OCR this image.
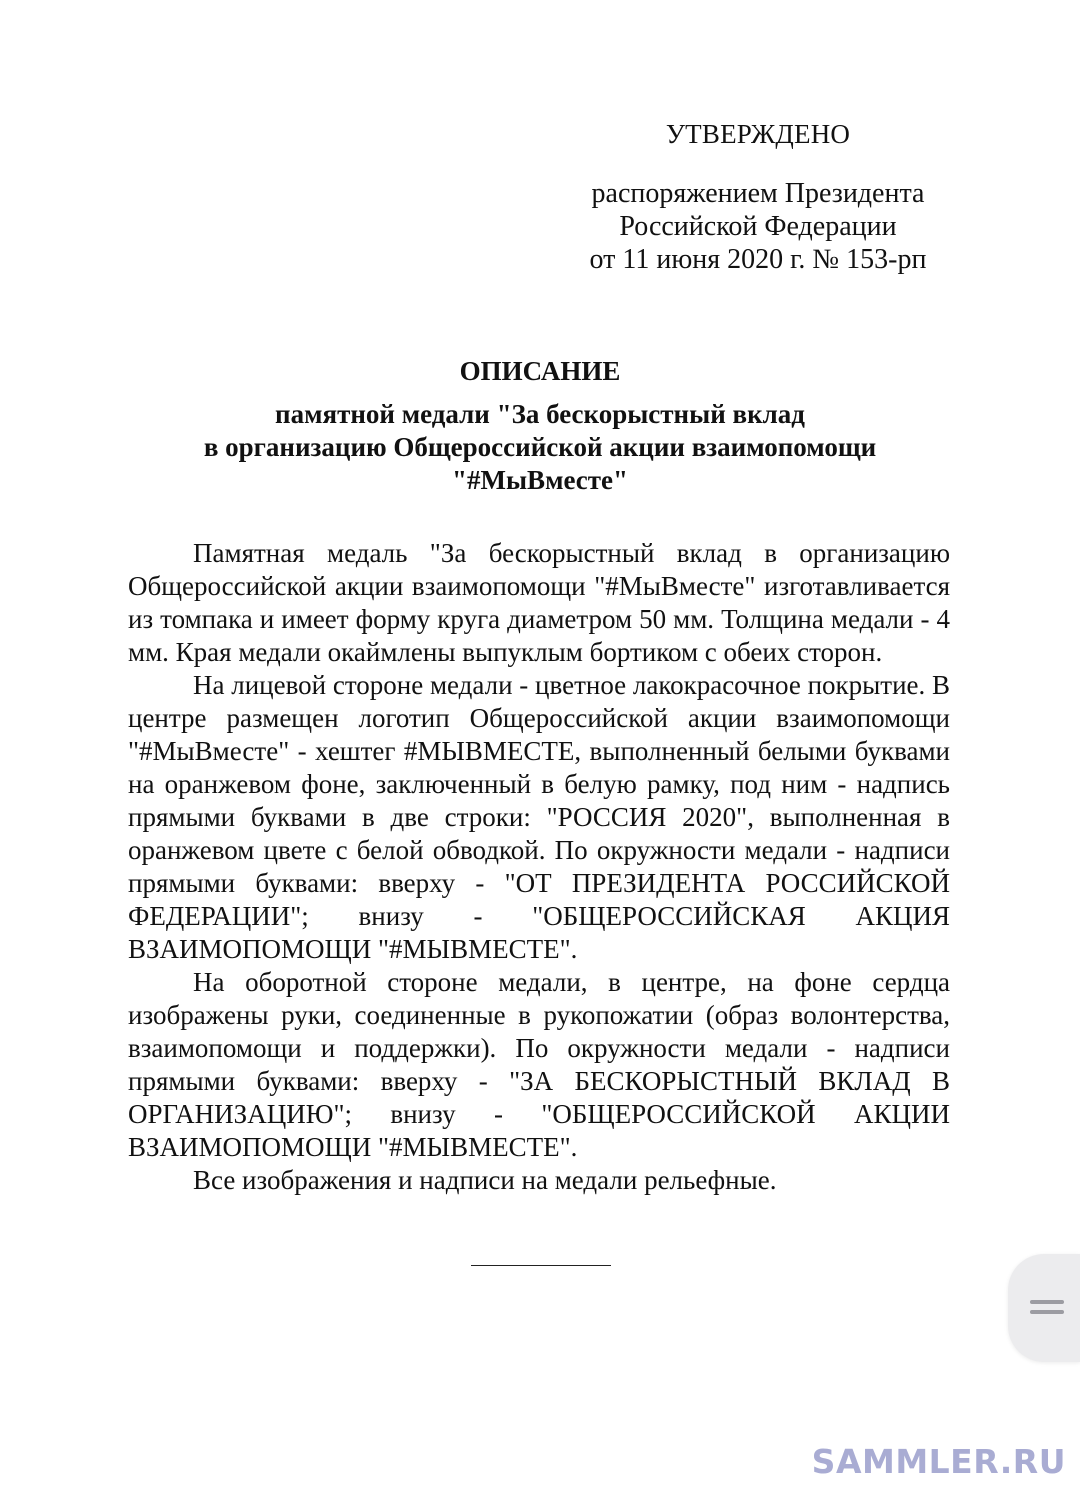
УТВЕРЖДЕНО
распоряжением Президента
Российской Федерации
от 11 июня 2020 г. № 153-рп
ОПИСАНИЕ
памятной медали "За бескорыстный вклад
в организацию Общероссийской акции взаимопомощи
"#МыВместе"

Памятная медаль "За бескорыстный вклад в организацию Общероссийской акции взаимопомощи "#МыВместе" изготавливается из томпака и имеет форму круга диаметром 50 мм. Толщина медали - 4 мм. Края медали окаймлены выпуклым бортиком с обеих сторон.

На лицевой стороне медали - цветное лакокрасочное покрытие. В центре размещен логотип Общероссийской акции взаимопомощи "#МыВместе" - хештег #МЫВМЕСТЕ, выполненный белыми буквами на оранжевом фоне, заключенный в белую рамку, под ним - надпись прямыми буквами в две строки: "РОССИЯ 2020", выполненная в оранжевом цвете с белой обводкой. По окружности медали - надписи прямыми буквами: вверху - "ОТ ПРЕЗИДЕНТА РОССИЙСКОЙ ФЕДЕРАЦИИ"; внизу - "ОБЩЕРОССИЙСКАЯ АКЦИЯ ВЗАИМОПОМОЩИ "#МЫВМЕСТЕ".

На оборотной стороне медали, в центре, на фоне сердца изображены руки, соединенные в рукопожатии (образ волонтерства, взаимопомощи и поддержки). По окружности медали - надписи прямыми буквами: вверху - "ЗА БЕСКОРЫСТНЫЙ ВКЛАД В ОРГАНИЗАЦИЮ"; внизу - "ОБЩЕРОССИЙСКОЙ АКЦИИ ВЗАИМОПОМОЩИ "#МЫВМЕСТЕ".

Все изображения и надписи на медали рельефные.

SAMMLER.RU
